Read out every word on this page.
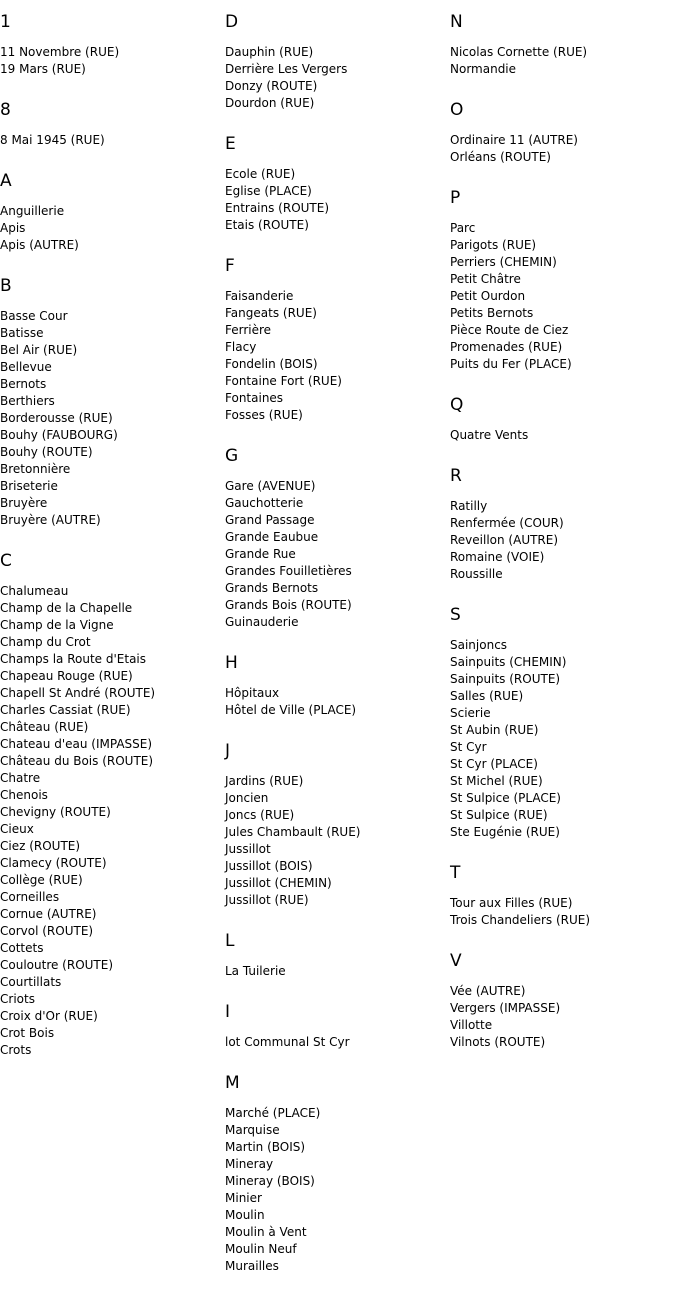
1
11 Novembre (RUE)
19 Mars (RUE)
8
8 Mai 1945 (RUE)
A
Anguillerie
Apis
Apis (AUTRE)
B
Basse Cour
Batisse
Bel Air (RUE)
Bellevue
Bernots
Berthiers
Borderousse (RUE)
Bouhy (FAUBOURG)
Bouhy (ROUTE)
Bretonnière
Briseterie
Bruyère
Bruyère (AUTRE)
C
Chalumeau
Champ de la Chapelle
Champ de la Vigne
Champ du Crot
Champs la Route d'Etais
Chapeau Rouge (RUE)
Chapell St André (ROUTE)
Charles Cassiat (RUE)
Château (RUE)
Chateau d'eau (IMPASSE)
Château du Bois (ROUTE)
Chatre
Chenois
Chevigny (ROUTE)
Cieux
Ciez (ROUTE)
Clamecy (ROUTE)
Collège (RUE)
Corneilles
Cornue (AUTRE)
Corvol (ROUTE)
Cottets
Couloutre (ROUTE)
Courtillats
Criots
Croix d'Or (RUE)
Crot Bois
Crots
D
Dauphin (RUE)
Derrière Les Vergers
Donzy (ROUTE)
Dourdon (RUE)
E
Ecole (RUE)
Eglise (PLACE)
Entrains (ROUTE)
Etais (ROUTE)
F
Faisanderie
Fangeats (RUE)
Ferrière
Flacy
Fondelin (BOIS)
Fontaine Fort (RUE)
Fontaines
Fosses (RUE)
G
Gare (AVENUE)
Gauchotterie
Grand Passage
Grande Eaubue
Grande Rue
Grandes Fouilletières
Grands Bernots
Grands Bois (ROUTE)
Guinauderie
H
Hôpitaux
Hôtel de Ville (PLACE)
J
Jardins (RUE)
Joncien
Joncs (RUE)
Jules Chambault (RUE)
Jussillot
Jussillot (BOIS)
Jussillot (CHEMIN)
Jussillot (RUE)
L
La Tuilerie
I
lot Communal St Cyr
M
Marché (PLACE)
Marquise
Martin (BOIS)
Mineray
Mineray (BOIS)
Minier
Moulin
Moulin à Vent
Moulin Neuf
Murailles
N
Nicolas Cornette (RUE)
Normandie
O
Ordinaire 11 (AUTRE)
Orléans (ROUTE)
P
Parc
Parigots (RUE)
Perriers (CHEMIN)
Petit Châtre
Petit Ourdon
Petits Bernots
Pièce Route de Ciez
Promenades (RUE)
Puits du Fer (PLACE)
Q
Quatre Vents
R
Ratilly
Renfermée (COUR)
Reveillon (AUTRE)
Romaine (VOIE)
Roussille
S
Sainjoncs
Sainpuits (CHEMIN)
Sainpuits (ROUTE)
Salles (RUE)
Scierie
St Aubin (RUE)
St Cyr
St Cyr (PLACE)
St Michel (RUE)
St Sulpice (PLACE)
St Sulpice (RUE)
Ste Eugénie (RUE)
T
Tour aux Filles (RUE)
Trois Chandeliers (RUE)
V
Vée (AUTRE)
Vergers (IMPASSE)
Villotte
Vilnots (ROUTE)
